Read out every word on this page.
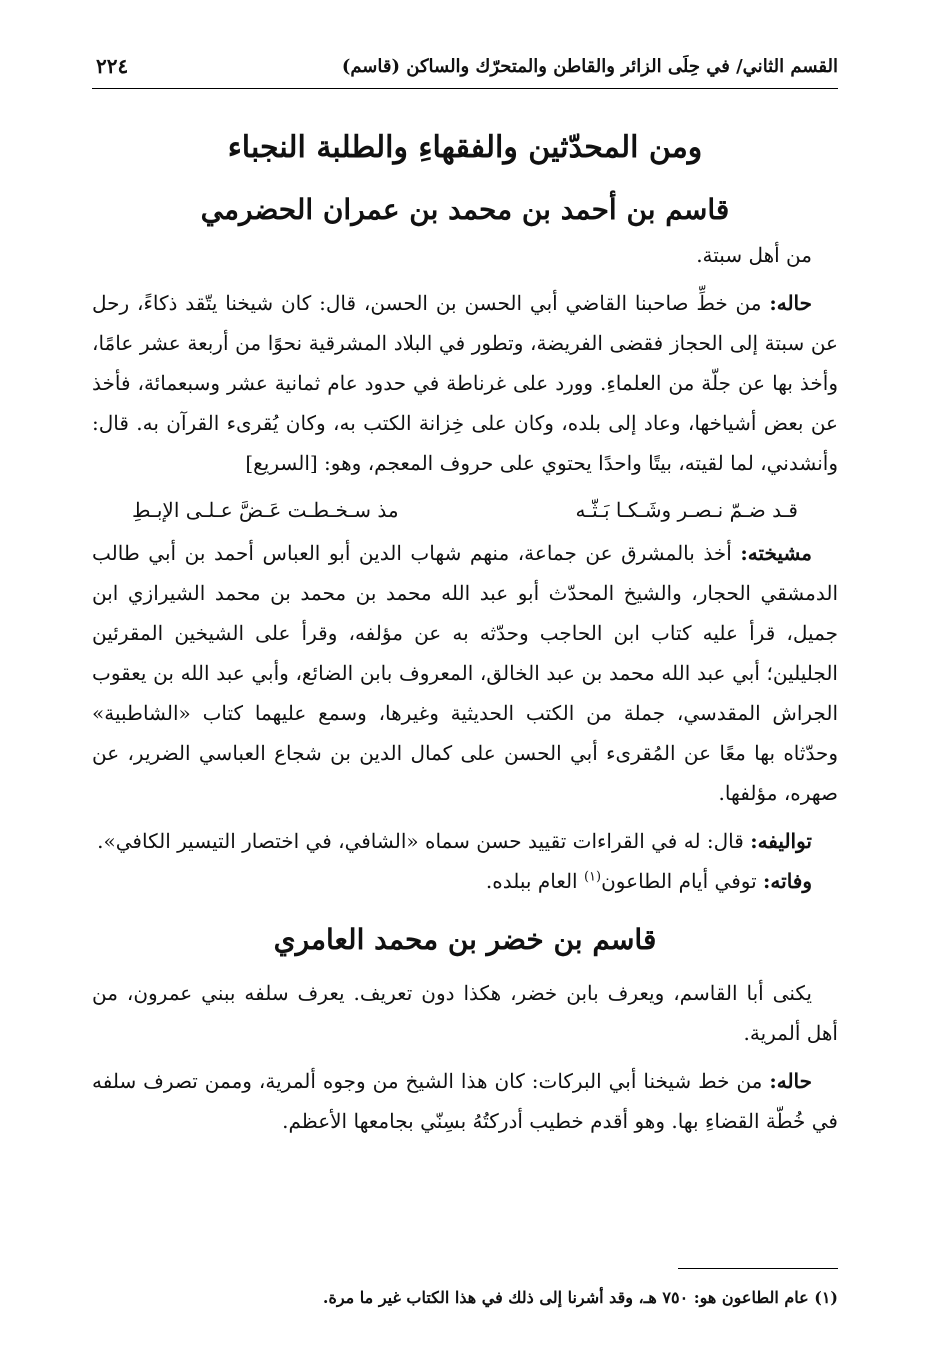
القسم الثاني/ في حِلَى الزائر والقاطن والمتحرّك والساكن (قاسم)
٢٢٤
ومن المحدّثين والفقهاءِ والطلبة النجباء
قاسم بن أحمد بن محمد بن عمران الحضرمي

من أهل سبتة.

حاله: من خطِّ صاحبنا القاضي أبي الحسن بن الحسن، قال: كان شيخنا يتّقد ذكاءً، رحل عن سبتة إلى الحجاز فقضى الفريضة، وتطور في البلاد المشرقية نحوًا من أربعة عشر عامًا، وأخذ بها عن جلّة من العلماءِ. وورد على غرناطة في حدود عام ثمانية عشر وسبعمائة، فأخذ عن بعض أشياخها، وعاد إلى بلده، وكان على خِزانة الكتب به، وكان يُقرىء القرآن به. قال: وأنشدني، لما لقيته، بيتًا واحدًا يحتوي على حروف المعجم، وهو: [السريع]

قـد ضـمّ نـصـر وشَـكـا بَـثّـه
مذ سـخـطـت عَـضَّ عـلـى الإبـطِ

مشيخته: أخذ بالمشرق عن جماعة، منهم شهاب الدين أبو العباس أحمد بن أبي طالب الدمشقي الحجار، والشيخ المحدّث أبو عبد الله محمد بن محمد بن محمد الشيرازي ابن جميل، قرأ عليه كتاب ابن الحاجب وحدّثه به عن مؤلفه، وقرأ على الشيخين المقرئين الجليلين؛ أبي عبد الله محمد بن عبد الخالق، المعروف بابن الضائع، وأبي عبد الله بن يعقوب الجراش المقدسي، جملة من الكتب الحديثية وغيرها، وسمع عليهما كتاب «الشاطبية» وحدّثاه بها معًا عن المُقرىء أبي الحسن على كمال الدين بن شجاع العباسي الضرير، عن صهره، مؤلفها.

تواليفه: قال: له في القراءات تقييد حسن سماه «الشافي، في اختصار التيسير الكافي».

وفاته: توفي أيام الطاعون$^{(١)}$ العام ببلده.

قاسم بن خضر بن محمد العامري

يكنى أبا القاسم، ويعرف بابن خضر، هكذا دون تعريف. يعرف سلفه ببني عمرون، من أهل ألمرية.

حاله: من خط شيخنا أبي البركات: كان هذا الشيخ من وجوه ألمرية، وممن تصرف سلفه في خُطّة القضاءِ بها. وهو أقدم خطيب أدركتُهُ بسِنّي بجامعها الأعظم.

(١) عام الطاعون هو: ٧٥٠ هـ، وقد أشرنا إلى ذلك في هذا الكتاب غير ما مرة.
